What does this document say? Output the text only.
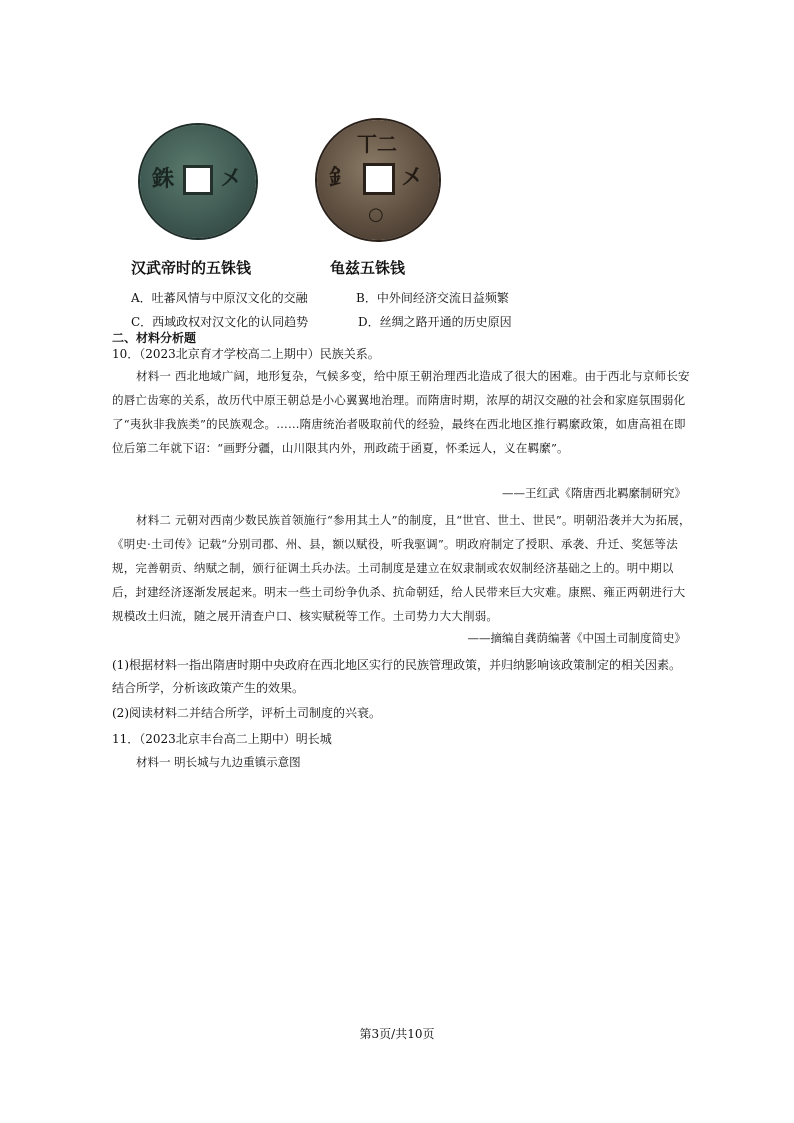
銖 㐅
汉武帝时的五铢钱
丅二
釒 㐅
○
龟兹五铢钱
A．吐蕃风情与中原汉文化的交融	B．中外间经济交流日益频繁
C．西域政权对汉文化的认同趋势	D．丝绸之路开通的历史原因
二、材料分析题
10．（2023北京育才学校高二上期中）民族关系。
材料一 西北地域广阔，地形复杂，气候多变，给中原王朝治理西北造成了很大的困难。由于西北与京师长安的唇亡齿寒的关系，故历代中原王朝总是小心翼翼地治理。而隋唐时期，浓厚的胡汉交融的社会和家庭氛围弱化了“夷狄非我族类”的民族观念。……隋唐统治者吸取前代的经验，最终在西北地区推行羁縻政策，如唐高祖在即位后第二年就下诏：“画野分疆，山川限其内外，刑政疏于函夏，怀柔远人，义在羁縻”。
——王红武《隋唐西北羁縻制研究》
材料二 元朝对西南少数民族首领施行“参用其土人”的制度，且“世官、世土、世民”。明朝沿袭并大为拓展，《明史·土司传》记载“分别司郡、州、县，额以赋役，听我驱调”。明政府制定了授职、承袭、升迁、奖惩等法规，完善朝贡、纳赋之制，颁行征调土兵办法。土司制度是建立在奴隶制或农奴制经济基础之上的。明中期以后，封建经济逐渐发展起来。明末一些土司纷争仇杀、抗命朝廷，给人民带来巨大灾难。康熙、雍正两朝进行大规模改土归流，随之展开清查户口、核实赋税等工作。土司势力大大削弱。
——摘编自龚荫编著《中国土司制度简史》
(1)根据材料一指出隋唐时期中央政府在西北地区实行的民族管理政策，并归纳影响该政策制定的相关因素。结合所学，分析该政策产生的效果。
(2)阅读材料二并结合所学，评析土司制度的兴衰。
11．（2023北京丰台高二上期中）明长城
材料一 明长城与九边重镇示意图
第3页/共10页
